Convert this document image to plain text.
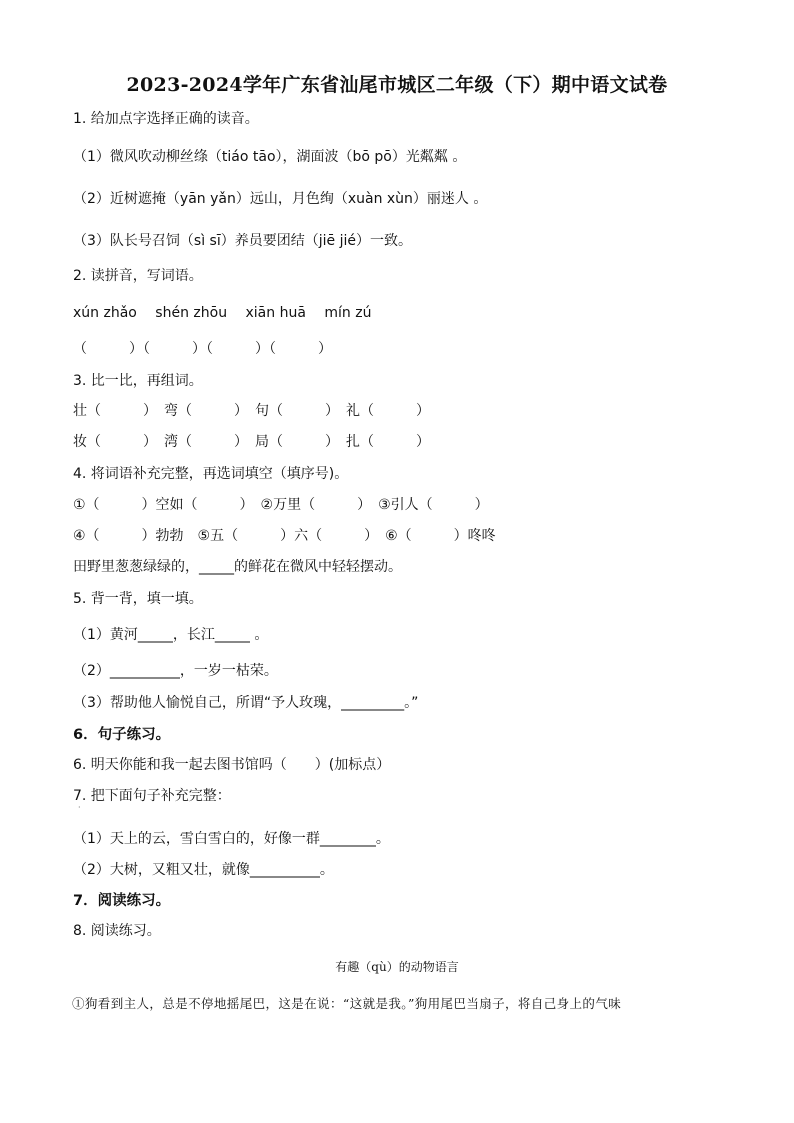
2023-2024学年广东省汕尾市城区二年级（下）期中语文试卷
1. 给加点字选择正确的读音。
（1）微风吹动柳丝绦（tiáo tāo），湖面波（bō pō）光粼粼 。
（2）近树遮掩（yān yǎn）远山，月色绚（xuàn xùn）丽迷人 。
（3）队长号召饲（sì sī）养员要团结（jiē jié）一致。
2. 读拼音，写词语。
xún zhǎo　 shén zhōu　 xiān huā　 mín zú
（　　　）（　　　）（　　　）（　　　）
3. 比一比，再组词。
壮（　　　）　弯（　　　）　句（　　　）　礼（　　　）
妆（　　　）　湾（　　　）　局（　　　）　扎（　　　）
4. 将词语补充完整，再选词填空（填序号)。
①（　　　）空如（　　　）　②万里（　　　）　③引人（　　　）
④（　　　）勃勃　⑤五（　　　）六（　　　）　⑥（　　　）咚咚
田野里葱葱绿绿的，_____的鲜花在微风中轻轻摆动。
5. 背一背，填一填。
（1）黄河_____，长江_____ 。
（2）__________，一岁一枯荣。
（3）帮助他人愉悦自己，所谓“予人玫瑰，_________。”
6．句子练习。
6. 明天你能和我一起去图书馆吗（　　）(加标点）
7. 把下面句子补充完整：
（1）天上的云，雪白雪白的，好像一群________。
（2）大树，又粗又壮，就像__________。
7．阅读练习。
8. 阅读练习。
·
有趣（qù）的动物语言
①狗看到主人，总是不停地摇尾巴，这是在说：“这就是我。”狗用尾巴当扇子，将自己身上的气味
